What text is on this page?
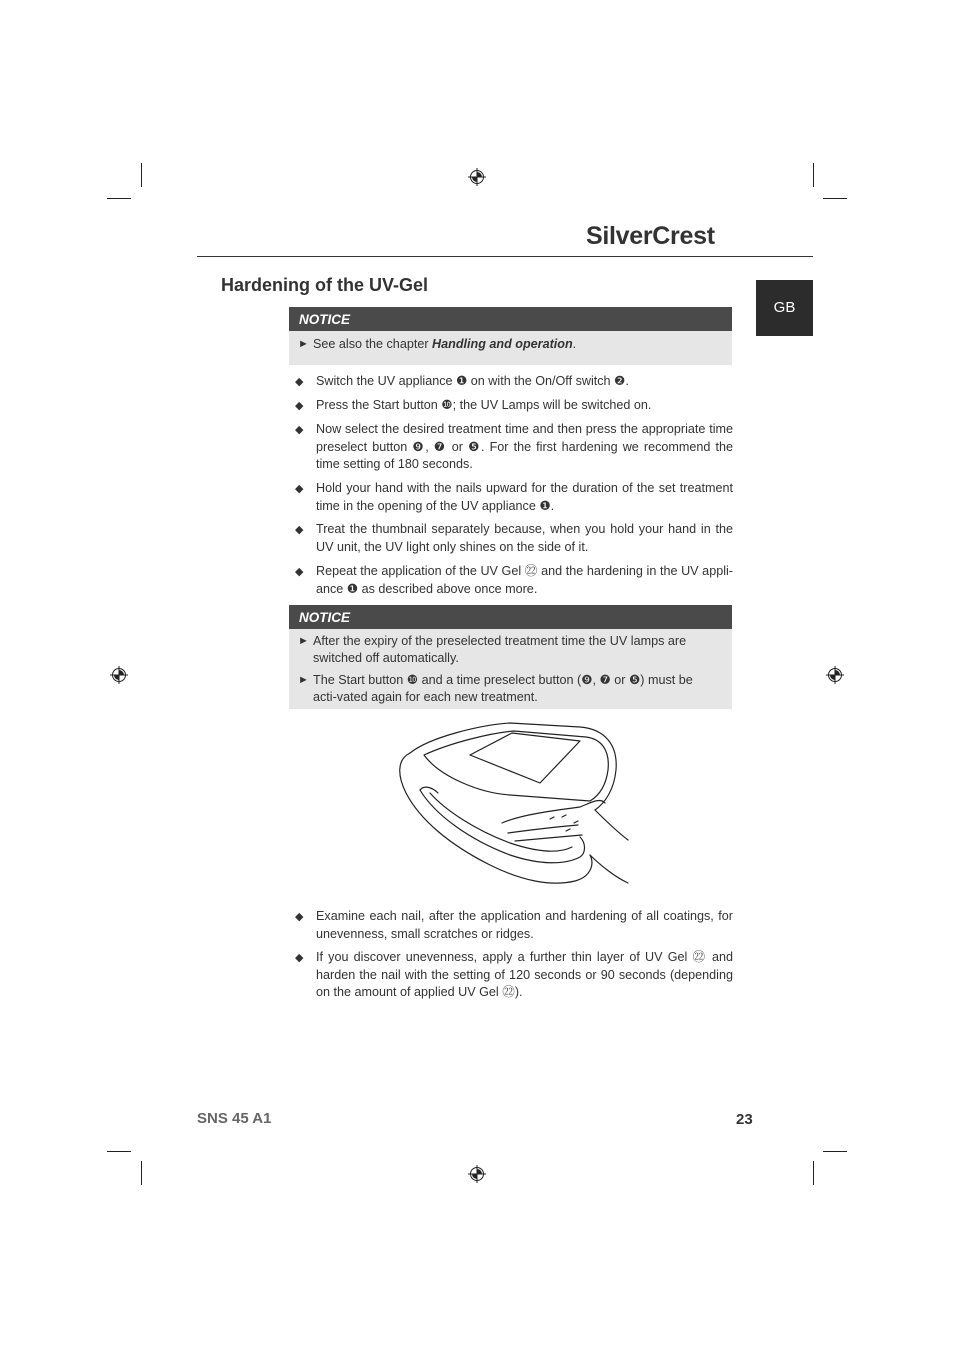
SilverCrest
GB
Hardening of the UV-Gel
NOTICE
► See also the chapter Handling and operation.
◆ Switch the UV appliance ❶ on with the On/Off switch ❷.
◆ Press the Start button ❿; the UV Lamps will be switched on.
◆ Now select the desired treatment time and then press the appropriate time preselect button ❾, ❼ or ❺. For the first hardening we recommend the time setting of 180 seconds.
◆ Hold your hand with the nails upward for the duration of the set treatment time in the opening of the UV appliance ❶.
◆ Treat the thumbnail separately because, when you hold your hand in the UV unit, the UV light only shines on the side of it.
◆ Repeat the application of the UV Gel ㉒ and the hardening in the UV appli-ance ❶ as described above once more.
NOTICE
► After the expiry of the preselected treatment time the UV lamps are switched off automatically.
► The Start button ❿ and a time preselect button (❾, ❼ or ❺) must be acti-vated again for each new treatment.
◆ Examine each nail, after the application and hardening of all coatings, for unevenness, small scratches or ridges.
◆ If you discover unevenness, apply a further thin layer of UV Gel ㉒ and harden the nail with the setting of 120 seconds or 90 seconds (depending on the amount of applied UV Gel ㉒).
SNS 45 A1	23
